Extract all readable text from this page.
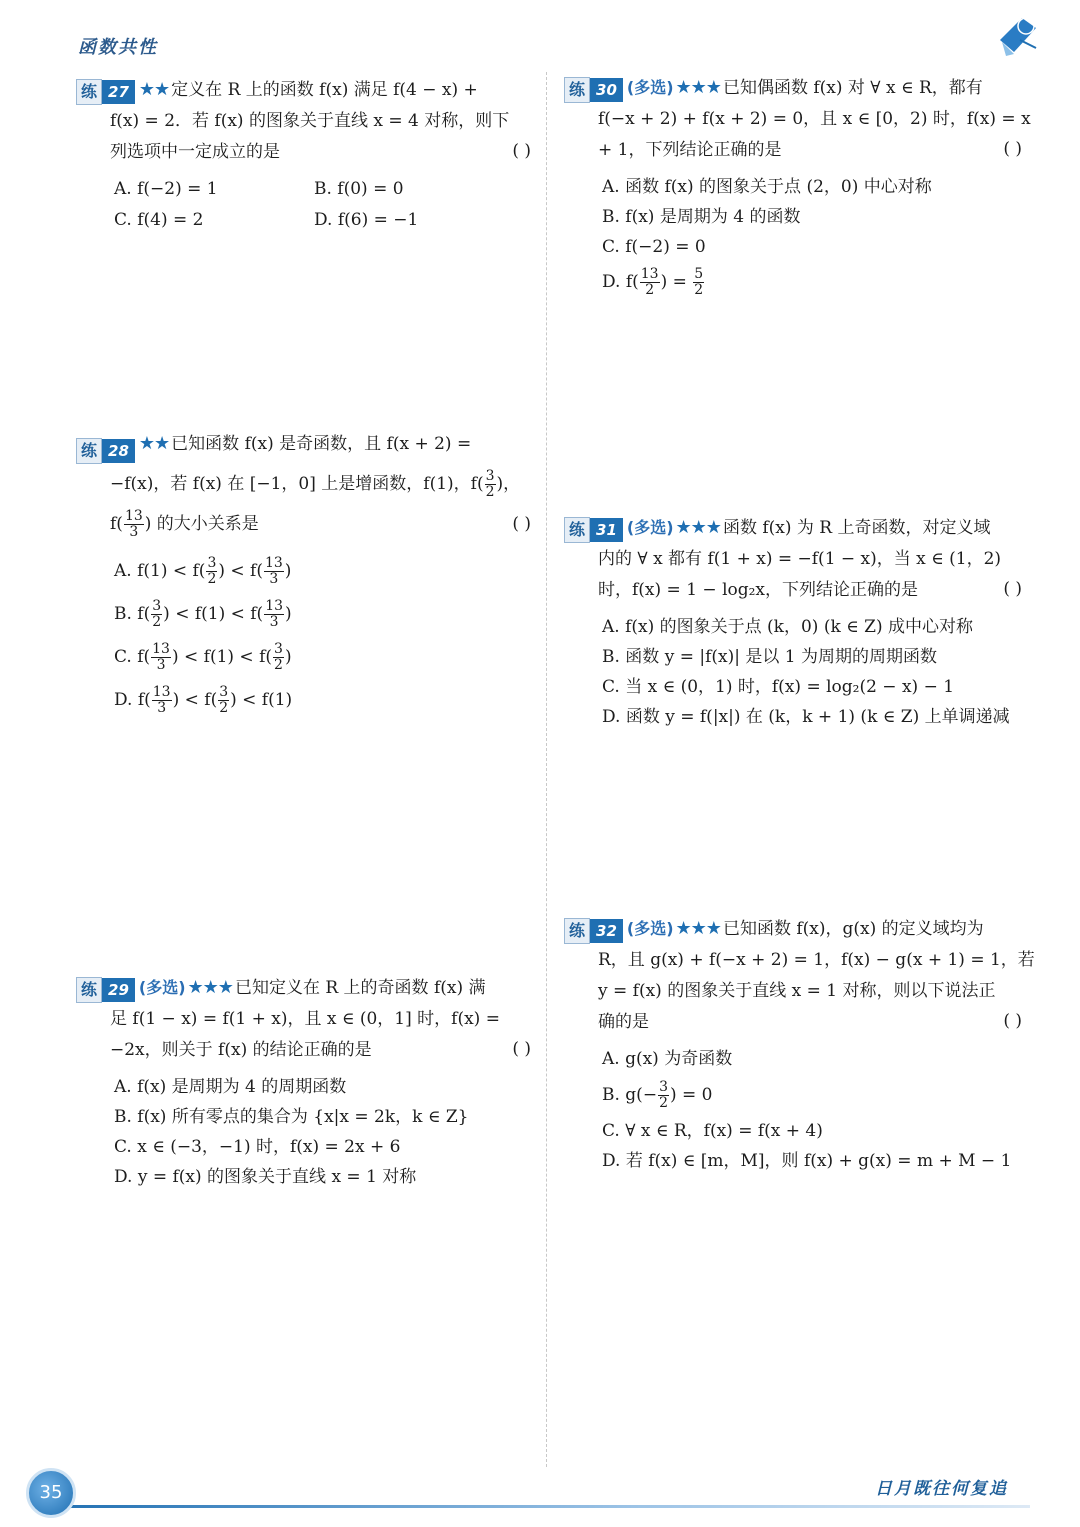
函数共性
练 27 ★★ 定义在 R 上的函数 f(x) 满足 f(4 − x) +
f(x) = 2．若 f(x) 的图象关于直线 x = 4 对称，则下
列选项中一定成立的是	( )
A. f(−2) = 1	B. f(0) = 0
C. f(4) = 2	D. f(6) = −1
练 28 ★★ 已知函数 f(x) 是奇函数，且 f(x + 2) =
−f(x)，若 f(x) 在 [−1，0] 上是增函数，f(1)，$f( \frac{3}{2}$ )，
$f( \frac{13}{3}$ ) 的大小关系是	( )
A. $f(1) < f( \frac{3}{2}$ ) < $f( \frac{13}{3}$ )
B. $f( \frac{3}{2}$ ) < $f(1) < f( \frac{13}{3}$ )
C. $f( \frac{13}{3}$ ) < $f(1) < f( \frac{3}{2}$ )
D. $f( \frac{13}{3}$ ) < $f( \frac{3}{2}$ ) < f(1)
练 29 (多选) ★★★ 已知定义在 R 上的奇函数 f(x) 满
足 f(1 − x) = f(1 + x)，且 x ∈ (0，1] 时，f(x) =
−2x，则关于 f(x) 的结论正确的是	( )
A. f(x) 是周期为 4 的周期函数
B. f(x) 所有零点的集合为 {x|x = 2k，k ∈ Z}
C. x ∈ (−3，−1) 时，f(x) = 2x + 6
D. y = f(x) 的图象关于直线 x = 1 对称
练 30 (多选) ★★★ 已知偶函数 f(x) 对 ∀ x ∈ R，都有
f(−x + 2) + f(x + 2) = 0，且 x ∈ [0，2) 时，f(x) = x
+ 1，下列结论正确的是	( )
A. 函数 f(x) 的图象关于点 (2，0) 中心对称
B. f(x) 是周期为 4 的函数
C. f(−2) = 0
D. $f( \frac{13}{2}$ ) = $\frac{5}{2}$
练 31 (多选) ★★★ 函数 f(x) 为 R 上奇函数，对定义域
内的 ∀ x 都有 f(1 + x) = −f(1 − x)，当 x ∈ (1，2)
时，f(x) = 1 − log₂x，下列结论正确的是	( )
A. f(x) 的图象关于点 (k，0) (k ∈ Z) 成中心对称
B. 函数 y = |f(x)| 是以 1 为周期的周期函数
C. 当 x ∈ (0，1) 时，f(x) = log₂(2 − x) − 1
D. 函数 y = f(|x|) 在 (k，k + 1) (k ∈ Z) 上单调递减
练 32 (多选) ★★★ 已知函数 f(x)，g(x) 的定义域均为
R，且 g(x) + f(−x + 2) = 1，f(x) − g(x + 1) = 1，若
y = f(x) 的图象关于直线 x = 1 对称，则以下说法正
确的是	( )
A. g(x) 为奇函数
B. $g(- \frac{3}{2}$ ) = 0
C. ∀ x ∈ R，f(x) = f(x + 4)
D. 若 f(x) ∈ [m，M]，则 f(x) + g(x) = m + M − 1
35	日月既往何复追
